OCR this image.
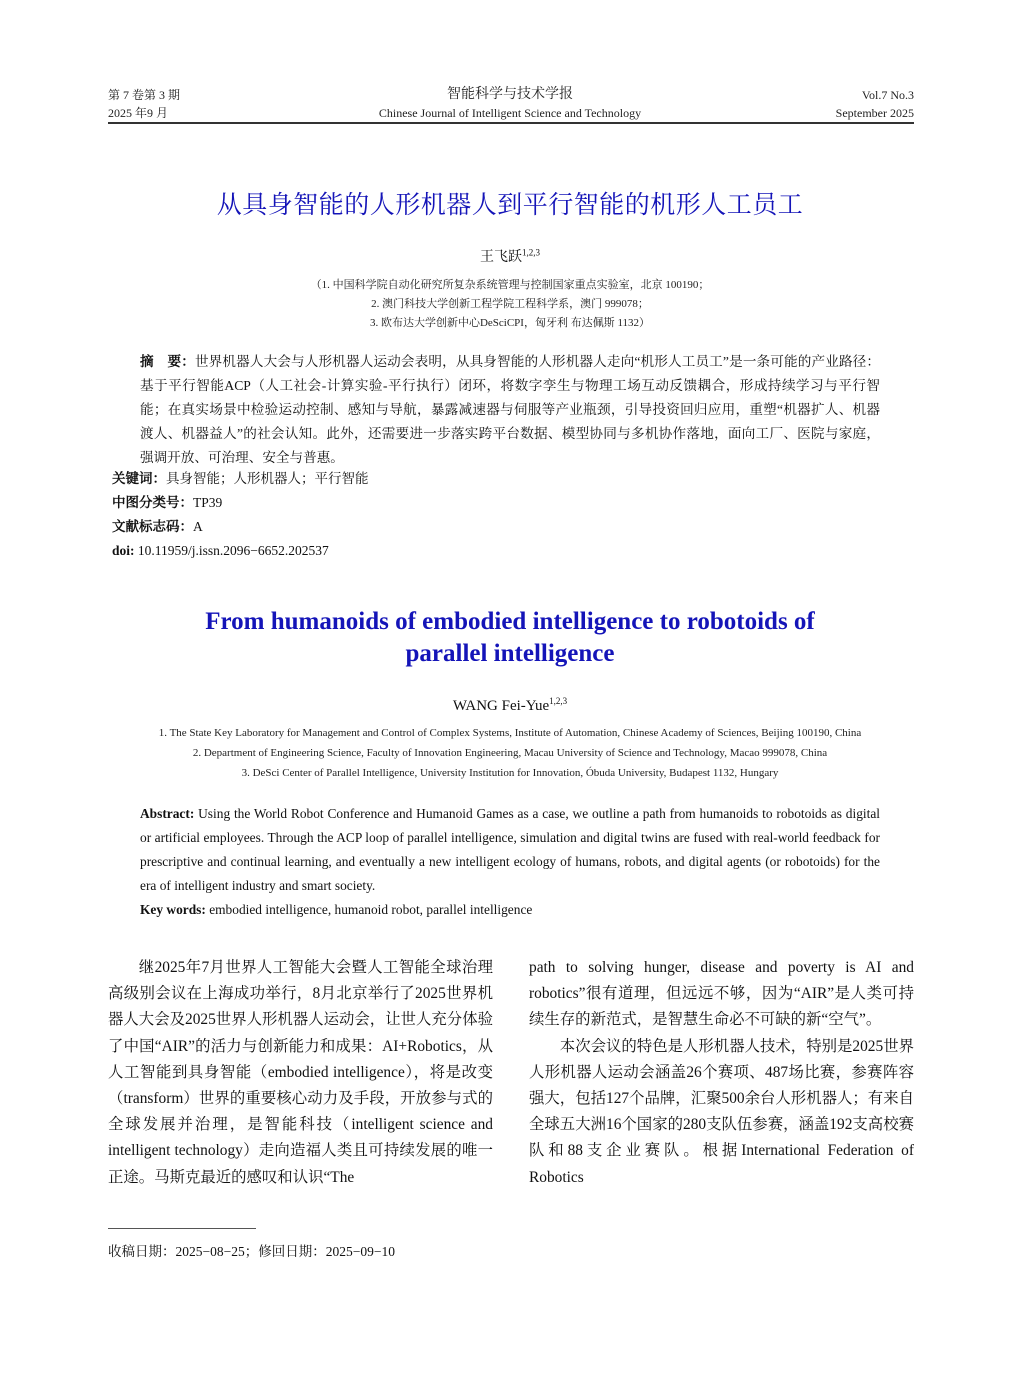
第 7 卷第 3 期
2025 年9 月
智能科学与技术学报
Chinese Journal of Intelligent Science and Technology
Vol.7 No.3
September 2025
从具身智能的人形机器人到平行智能的机形人工员工
王飞跃$^{1,2,3}$
（1. 中国科学院自动化研究所复杂系统管理与控制国家重点实验室，北京 100190；
2. 澳门科技大学创新工程学院工程科学系，澳门 999078；
3. 欧布达大学创新中心DeSciCPI，匈牙利 布达佩斯 1132）
摘　要：世界机器人大会与人形机器人运动会表明，从具身智能的人形机器人走向“机形人工员工”是一条可能的产业路径：基于平行智能ACP（人工社会-计算实验-平行执行）闭环，将数字孪生与物理工场互动反馈耦合，形成持续学习与平行智能；在真实场景中检验运动控制、感知与导航，暴露减速器与伺服等产业瓶颈，引导投资回归应用，重塑“机器扩人、机器渡人、机器益人”的社会认知。此外，还需要进一步落实跨平台数据、模型协同与多机协作落地，面向工厂、医院与家庭，强调开放、可治理、安全与普惠。
关键词：具身智能；人形机器人；平行智能
中图分类号：TP39
文献标志码：A
doi: 10.11959/j.issn.2096−6652.202537
From humanoids of embodied intelligence to robotoids of
parallel intelligence
WANG Fei-Yue$^{1,2,3}$
1. The State Key Laboratory for Management and Control of Complex Systems, Institute of Automation, Chinese Academy of Sciences, Beijing 100190, China
2. Department of Engineering Science, Faculty of Innovation Engineering, Macau University of Science and Technology, Macao 999078, China
3. DeSci Center of Parallel Intelligence, University Institution for Innovation, Óbuda University, Budapest 1132, Hungary
Abstract: Using the World Robot Conference and Humanoid Games as a case, we outline a path from humanoids to robotoids as digital or artificial employees. Through the ACP loop of parallel intelligence, simulation and digital twins are fused with real-world feedback for prescriptive and continual learning, and eventually a new intelligent ecology of humans, robots, and digital agents (or robotoids) for the era of intelligent industry and smart society.
Key words: embodied intelligence, humanoid robot, parallel intelligence

继2025年7月世界人工智能大会暨人工智能全球治理高级别会议在上海成功举行，8月北京举行了2025世界机器人大会及2025世界人形机器人运动会，让世人充分体验了中国“AIR”的活力与创新能力和成果：AI+Robotics，从人工智能到具身智能（embodied intelligence），将是改变（transform）世界的重要核心动力及手段，开放参与式的全球发展并治理，是智能科技（intelligent science and intelligent technology）走向造福人类且可持续发展的唯一正途。马斯克最近的感叹和认识“The

path to solving hunger, disease and poverty is AI and robotics”很有道理，但远远不够，因为“AIR”是人类可持续生存的新范式，是智慧生命必不可缺的新“空气”。

本次会议的特色是人形机器人技术，特别是2025世界人形机器人运动会涵盖26个赛项、487场比赛，参赛阵容强大，包括127个品牌，汇聚500余台人形机器人；有来自全球五大洲16个国家的280支队伍参赛，涵盖192支高校赛队和88支企业赛队。根据International Federation of Robotics

收稿日期：2025−08−25；修回日期：2025−09−10
